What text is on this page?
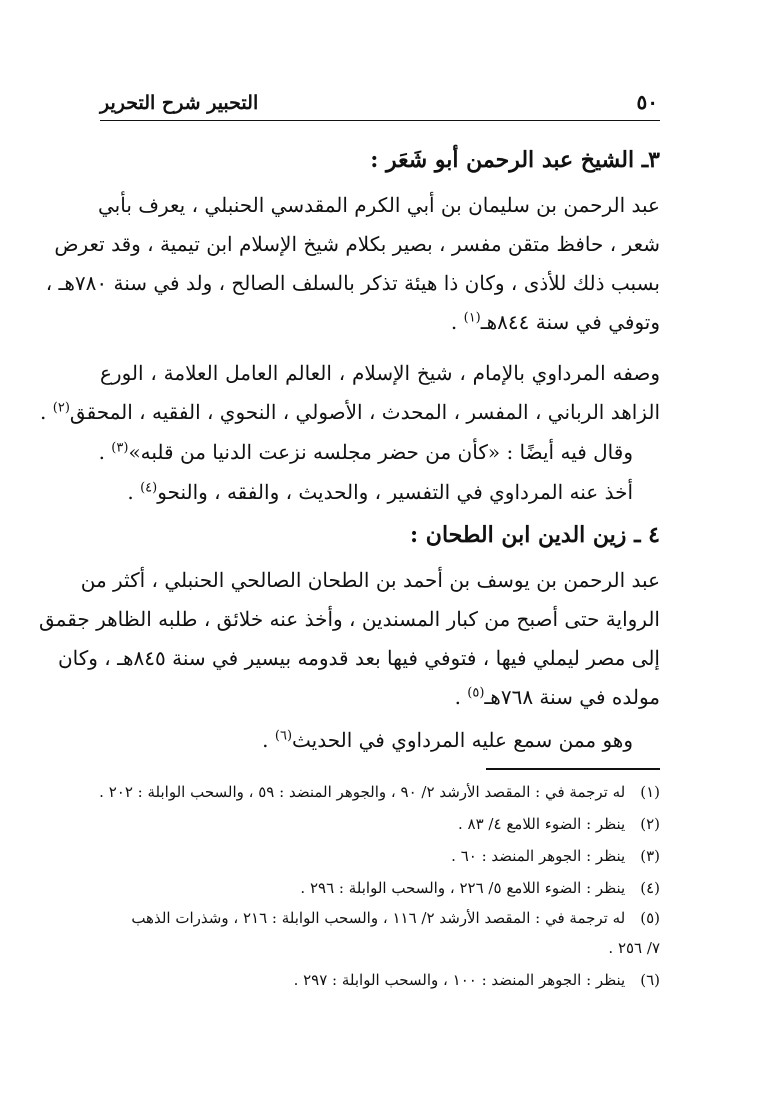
٥٠
التحبير شرح التحرير
٣ـ الشيخ عبد الرحمن أبو شَعَر :
عبد الرحمن بن سليمان بن أبي الكرم المقدسي الحنبلي ، يعرف بأبي
شعر ، حافظ متقن مفسر ، بصير بكلام شيخ الإسلام ابن تيمية ، وقد تعرض
بسبب ذلك للأذى ، وكان ذا هيئة تذكر بالسلف الصالح ، ولد في سنة ٧٨٠هـ ،
وتوفي في سنة ٨٤٤هـ$^{(١)}$ .
وصفه المرداوي بالإمام ، شيخ الإسلام ، العالم العامل العلامة ، الورع
الزاهد الرباني ، المفسر ، المحدث ، الأصولي ، النحوي ، الفقيه ، المحقق$^{(٢)}$ .
وقال فيه أيضًا : «كأن من حضر مجلسه نزعت الدنيا من قلبه»$^{(٣)}$ .
أخذ عنه المرداوي في التفسير ، والحديث ، والفقه ، والنحو$^{(٤)}$ .
٤ ـ زين الدين ابن الطحان :
عبد الرحمن بن يوسف بن أحمد بن الطحان الصالحي الحنبلي ، أكثر من
الرواية حتى أصبح من كبار المسندين ، وأخذ عنه خلائق ، طلبه الظاهر جقمق
إلى مصر ليملي فيها ، فتوفي فيها بعد قدومه بيسير في سنة ٨٤٥هـ ، وكان
مولده في سنة ٧٦٨هـ$^{(٥)}$ .
وهو ممن سمع عليه المرداوي في الحديث$^{(٦)}$ .
(١) له ترجمة في : المقصد الأرشد ٢/ ٩٠ ، والجوهر المنضد : ٥٩ ، والسحب الوابلة : ٢٠٢ .
(٢) ينظر : الضوء اللامع ٤/ ٨٣ .
(٣) ينظر : الجوهر المنضد : ٦٠ .
(٤) ينظر : الضوء اللامع ٥/ ٢٢٦ ، والسحب الوابلة : ٢٩٦ .
(٥) له ترجمة في : المقصد الأرشد ٢/ ١١٦ ، والسحب الوابلة : ٢١٦ ، وشذرات الذهب
٧/ ٢٥٦ .
(٦) ينظر : الجوهر المنضد : ١٠٠ ، والسحب الوابلة : ٢٩٧ .
